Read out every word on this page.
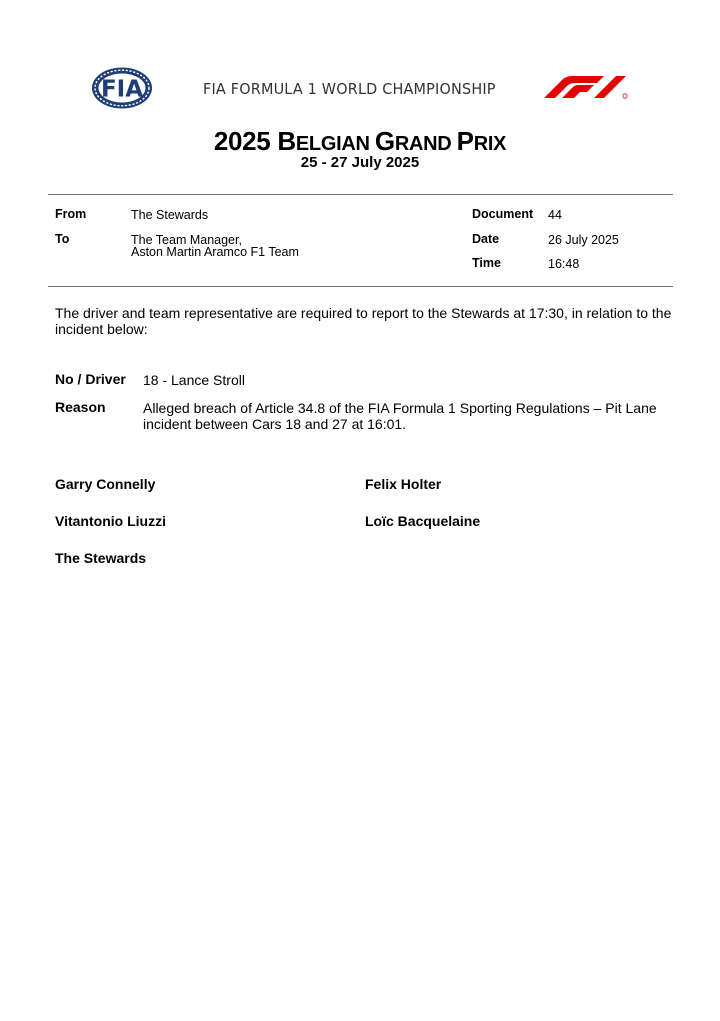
FIA	FIA FORMULA 1 WORLD CHAMPIONSHIP
2025 BELGIAN GRAND PRIX
25 - 27 July 2025
From	The Stewards
To	The Team Manager,
Aston Martin Aramco F1 Team
Document 44
Date	26 July 2025
Time	16:48
The driver and team representative are required to report to the Stewards at 17:30, in relation to the incident below:
No / Driver 18 - Lance Stroll
Reason	Alleged breach of Article 34.8 of the FIA Formula 1 Sporting Regulations – Pit Lane incident between Cars 18 and 27 at 16:01.
Garry Connelly	Felix Holter
Vitantonio Liuzzi	Loïc Bacquelaine
The Stewards
